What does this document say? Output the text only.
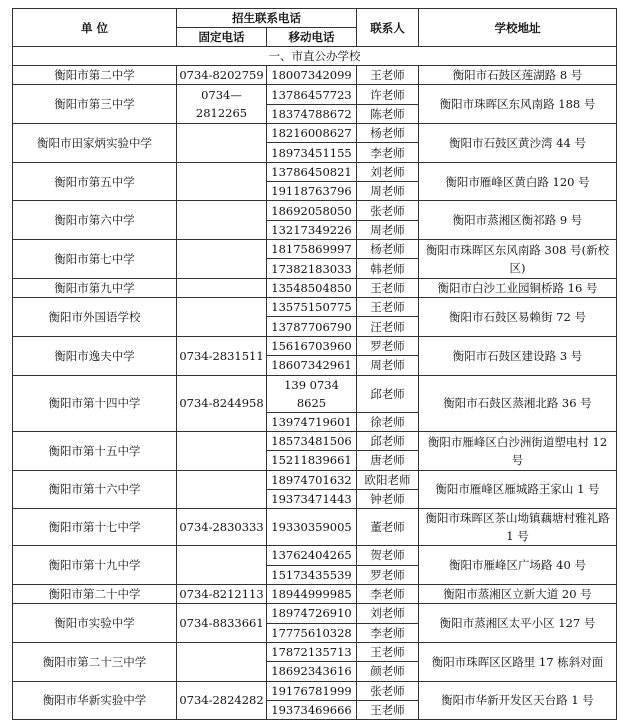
单 位	招生联系电话		联系人	学校地址
	固定电话	移动电话		
一、市直公办学校				
衡阳市第二中学	0734-8202759	18007342099	王老师	衡阳市石鼓区莲湖路 8 号
衡阳市第三中学	0734—2812265	13786457723	许老师	衡阳市珠晖区东风南路 188 号
		18374788672	陈老师	
衡阳市田家炳实验中学		18216008627	杨老师	衡阳市石鼓区黄沙湾 44 号
		18973451155	李老师	
衡阳市第五中学		13786450821	刘老师	衡阳市雁峰区黄白路 120 号
		19118763796	周老师	
衡阳市第六中学		18692058050	张老师	衡阳市蒸湘区衡祁路 9 号
		13217349226	周老师	
衡阳市第七中学		18175869997	杨老师	衡阳市珠晖区东风南路 308 号(新校区)
		17382183033	韩老师	
衡阳市第九中学		13548504850	王老师	衡阳市白沙工业园铜桥路 16 号
衡阳市外国语学校		13575150775	王老师	衡阳市石鼓区易赖街 72 号
		13787706790	汪老师	
衡阳市逸夫中学	0734-2831511	15616703960	罗老师	衡阳市石鼓区建设路 3 号
		18607342961	周老师	
衡阳市第十四中学	0734-8244958	139 0734 8625	邱老师	衡阳市石鼓区蒸湘北路 36 号
		13974719601	徐老师	
衡阳市第十五中学		18573481506	邱老师	衡阳市雁峰区白沙洲街道塑电村 12 号
		15211839661	唐老师	
衡阳市第十六中学		18974701632	欧阳老师	衡阳市雁峰区雁城路王家山 1 号
		19373471443	钟老师	
衡阳市第十七中学	0734-2830333	19330359005	董老师	衡阳市珠晖区茶山坳镇藕塘村雅礼路 1 号
衡阳市第十九中学		13762404265	贺老师	衡阳市雁峰区广场路 40 号
		15173435539	罗老师	
衡阳市第二十中学	0734-8212113	18944999985	李老师	衡阳市蒸湘区立新大道 20 号
衡阳市实验中学	0734-8833661	18974726910	刘老师	衡阳市蒸湘区太平小区 127 号
		17775610328	李老师	
衡阳市第二十三中学		17872135713	王老师	衡阳市珠晖区区路里 17 栋斜对面
		18692343616	颜老师	
衡阳市华新实验中学	0734-2824282	19176781999	张老师	衡阳市华新开发区天台路 1 号
		19373469666	王老师	
